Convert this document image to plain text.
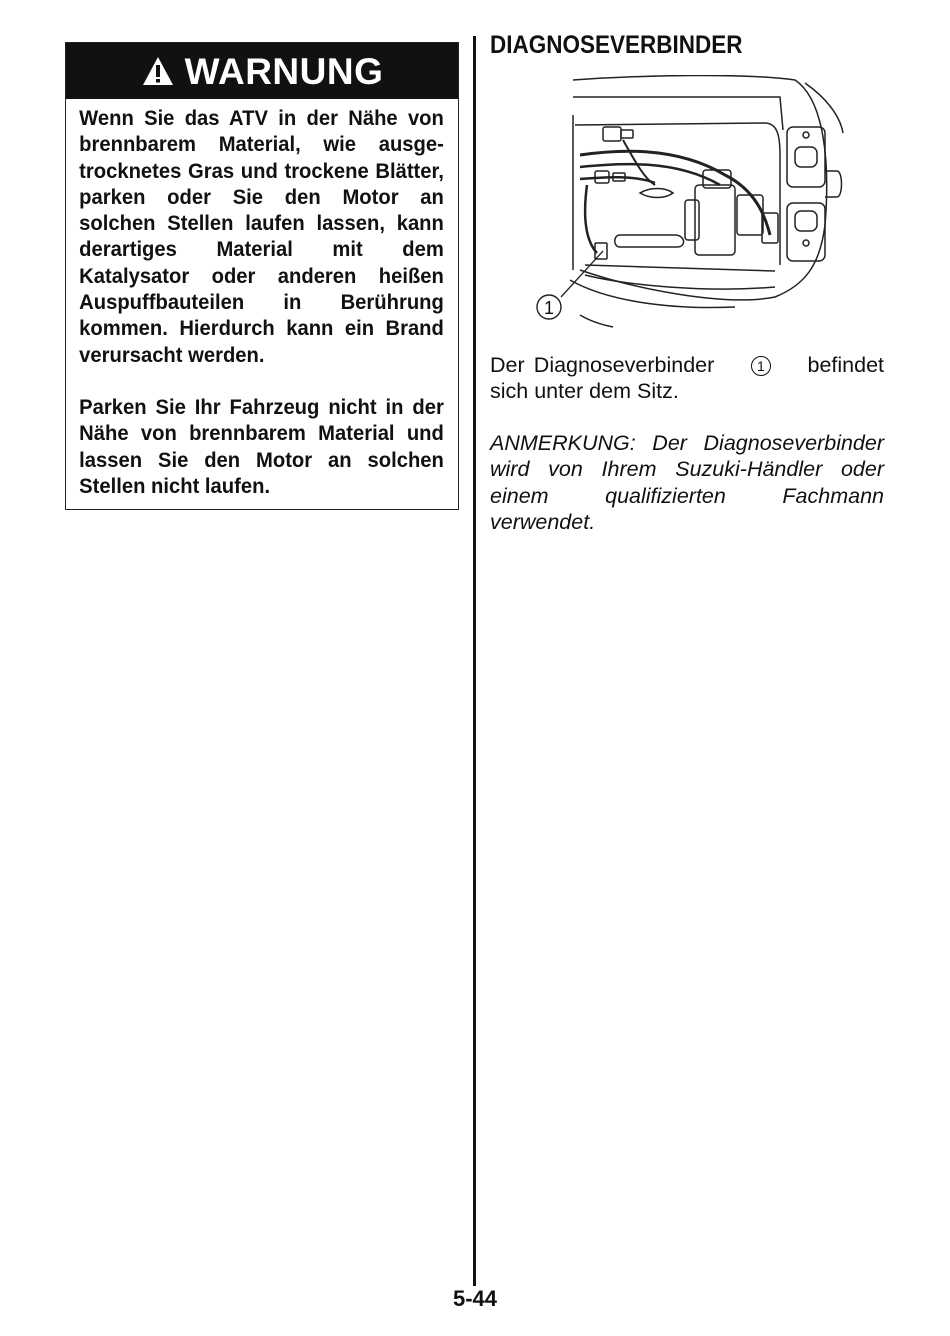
WARNUNG

Wenn Sie das ATV in der Nähe von brennbarem Material, wie ausgetrocknetes Gras und trockene Blätter, parken oder Sie den Motor an solchen Stellen laufen lassen, kann derartiges Material mit dem Katalysator oder anderen heißen Auspuffbauteilen in Berührung kommen. Hierdurch kann ein Brand verursacht werden.

Parken Sie Ihr Fahrzeug nicht in der Nähe von brennbarem Material und lassen Sie den Motor an solchen Stellen nicht laufen.

DIAGNOSEVERBINDER
1

Der Diagnoseverbinder	1 befindet sich unter dem Sitz.

ANMERKUNG: Der Diagnoseverbinder wird von Ihrem Suzuki-Händler oder einem qualifizierten Fachmann verwendet.

5-44
